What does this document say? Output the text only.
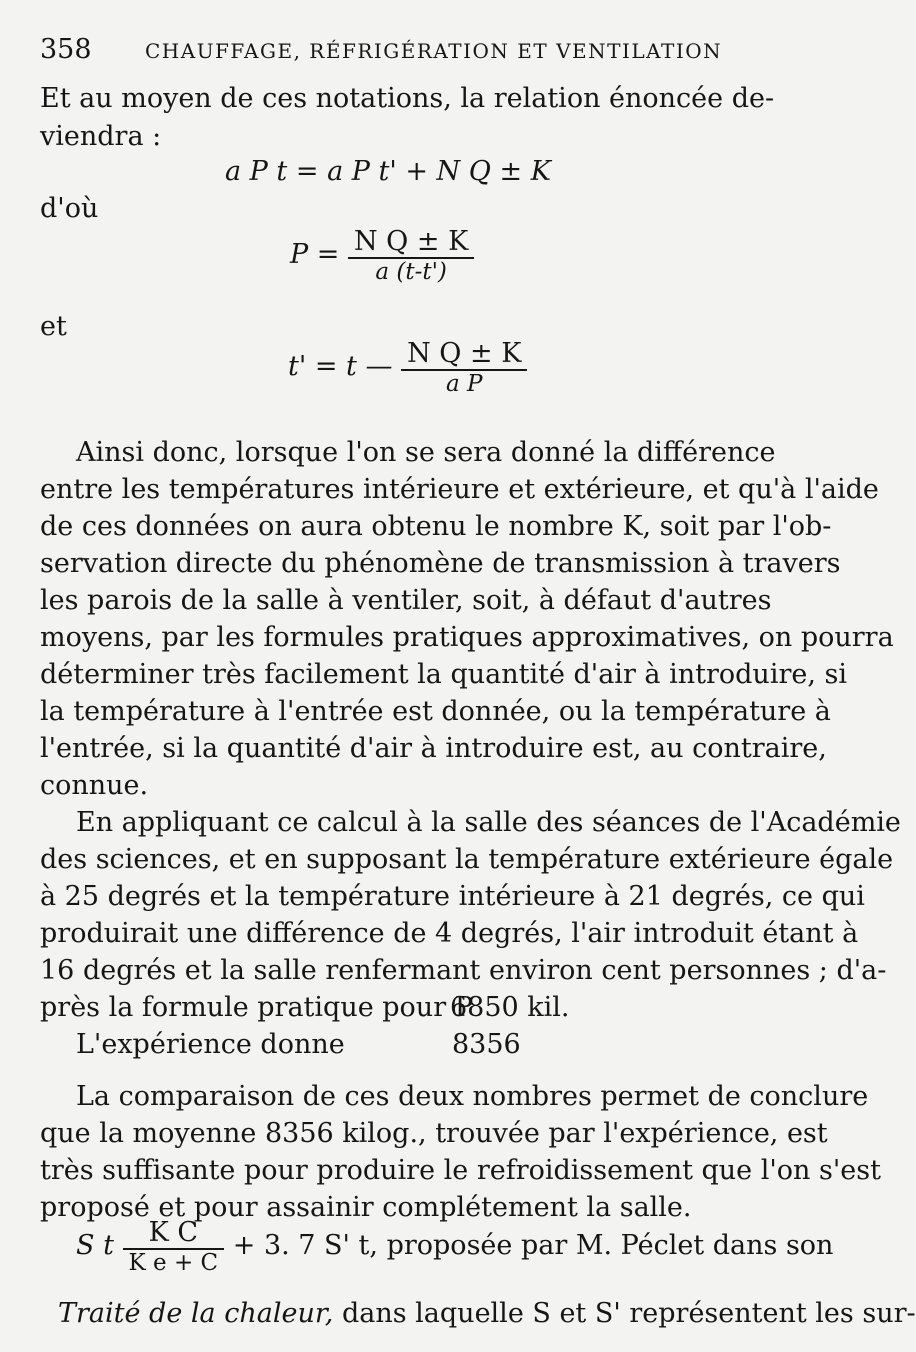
358	CHAUFFAGE, RÉFRIGÉRATION ET VENTILATION
Et au moyen de ces notations, la relation énoncée de-
viendra :
a P t = a P t' + N Q ± K
d'où
$P = \frac{\text{N Q ± K}}{a (t-t')}$
et
t' = t — $\frac{\text{N Q ± K}}{\text{a P}}$
Ainsi donc, lorsque l'on se sera donné la différence
entre les températures intérieure et extérieure, et qu'à l'aide
de ces données on aura obtenu le nombre K, soit par l'ob-
servation directe du phénomène de transmission à travers
les parois de la salle à ventiler, soit, à défaut d'autres
moyens, par les formules pratiques approximatives, on pourra
déterminer très facilement la quantité d'air à introduire, si
la température à l'entrée est donnée, ou la température à
l'entrée, si la quantité d'air à introduire est, au contraire,
connue.
En appliquant ce calcul à la salle des séances de l'Académie
des sciences, et en supposant la température extérieure égale
à 25 degrés et la température intérieure à 21 degrés, ce qui
produirait une différence de 4 degrés, l'air introduit étant à
16 degrés et la salle renfermant environ cent personnes ; d'a-
près la formule pratique pour P
6850 kil.
L'expérience donne	8356
La comparaison de ces deux nombres permet de conclure
que la moyenne 8356 kilog., trouvée par l'expérience, est
très suffisante pour produire le refroidissement que l'on s'est
proposé et pour assainir complétement la salle.
S t $\frac{\text{K C}}{\text{K e + C}} + 3$. 7 S' t, proposée par M. Péclet dans son
Traité de la chaleur, dans laquelle S et S' représentent les sur-
